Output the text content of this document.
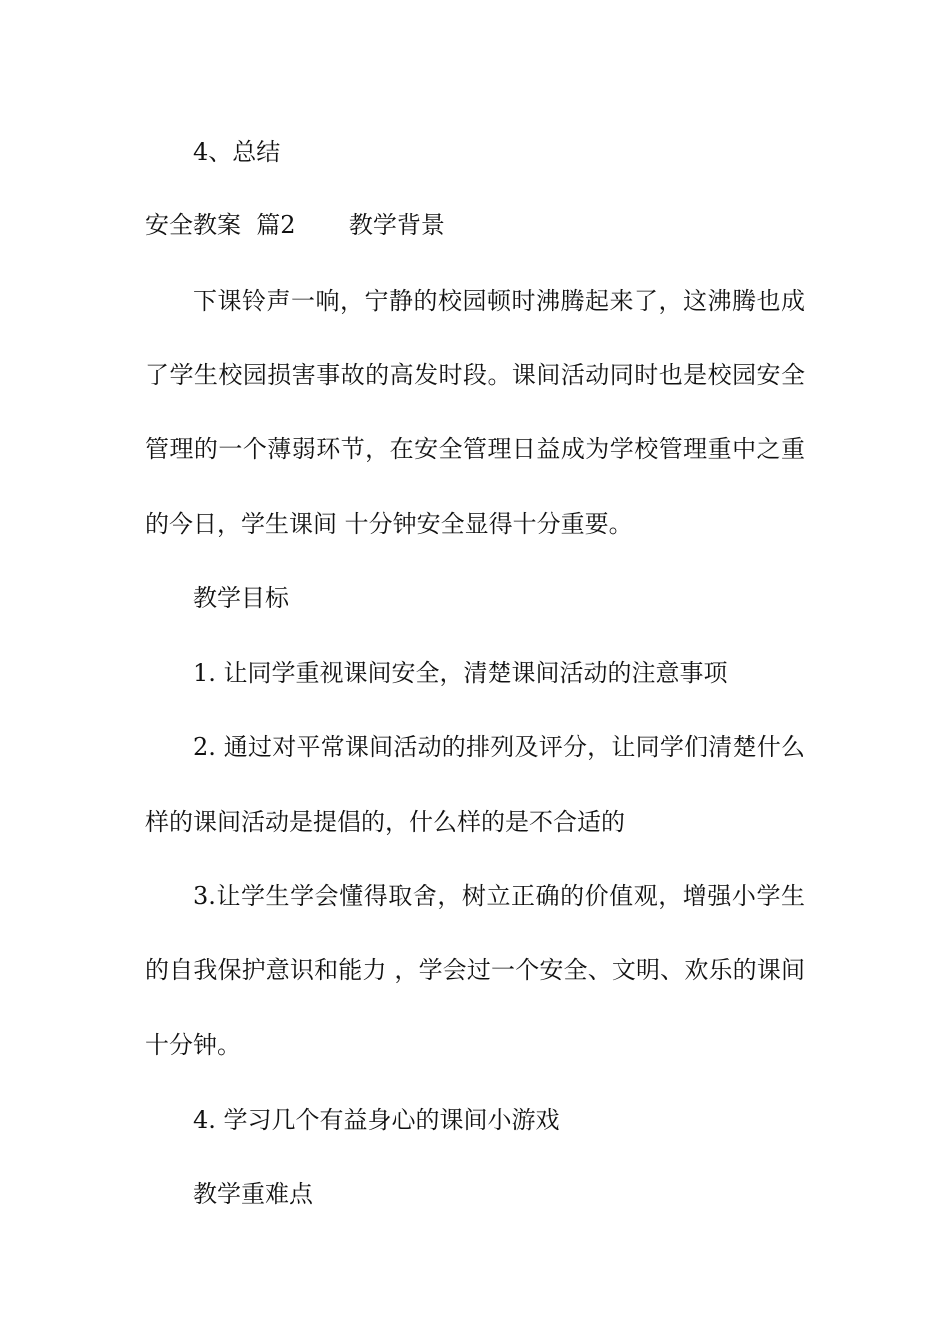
4、总结
安全教案  篇2       教学背景
下课铃声一响，宁静的校园顿时沸腾起来了，这沸腾也成
了学生校园损害事故的高发时段。课间活动同时也是校园安全
管理的一个薄弱环节，在安全管理日益成为学校管理重中之重
的今日，学生课间 十分钟安全显得十分重要。
教学目标
1. 让同学重视课间安全，清楚课间活动的注意事项
2. 通过对平常课间活动的排列及评分，让同学们清楚什么
样的课间活动是提倡的，什么样的是不合适的
3.让学生学会懂得取舍，树立正确的价值观，增强小学生
的自我保护意识和能力 ，学会过一个安全、文明、欢乐的课间
十分钟。
4. 学习几个有益身心的课间小游戏
教学重难点
